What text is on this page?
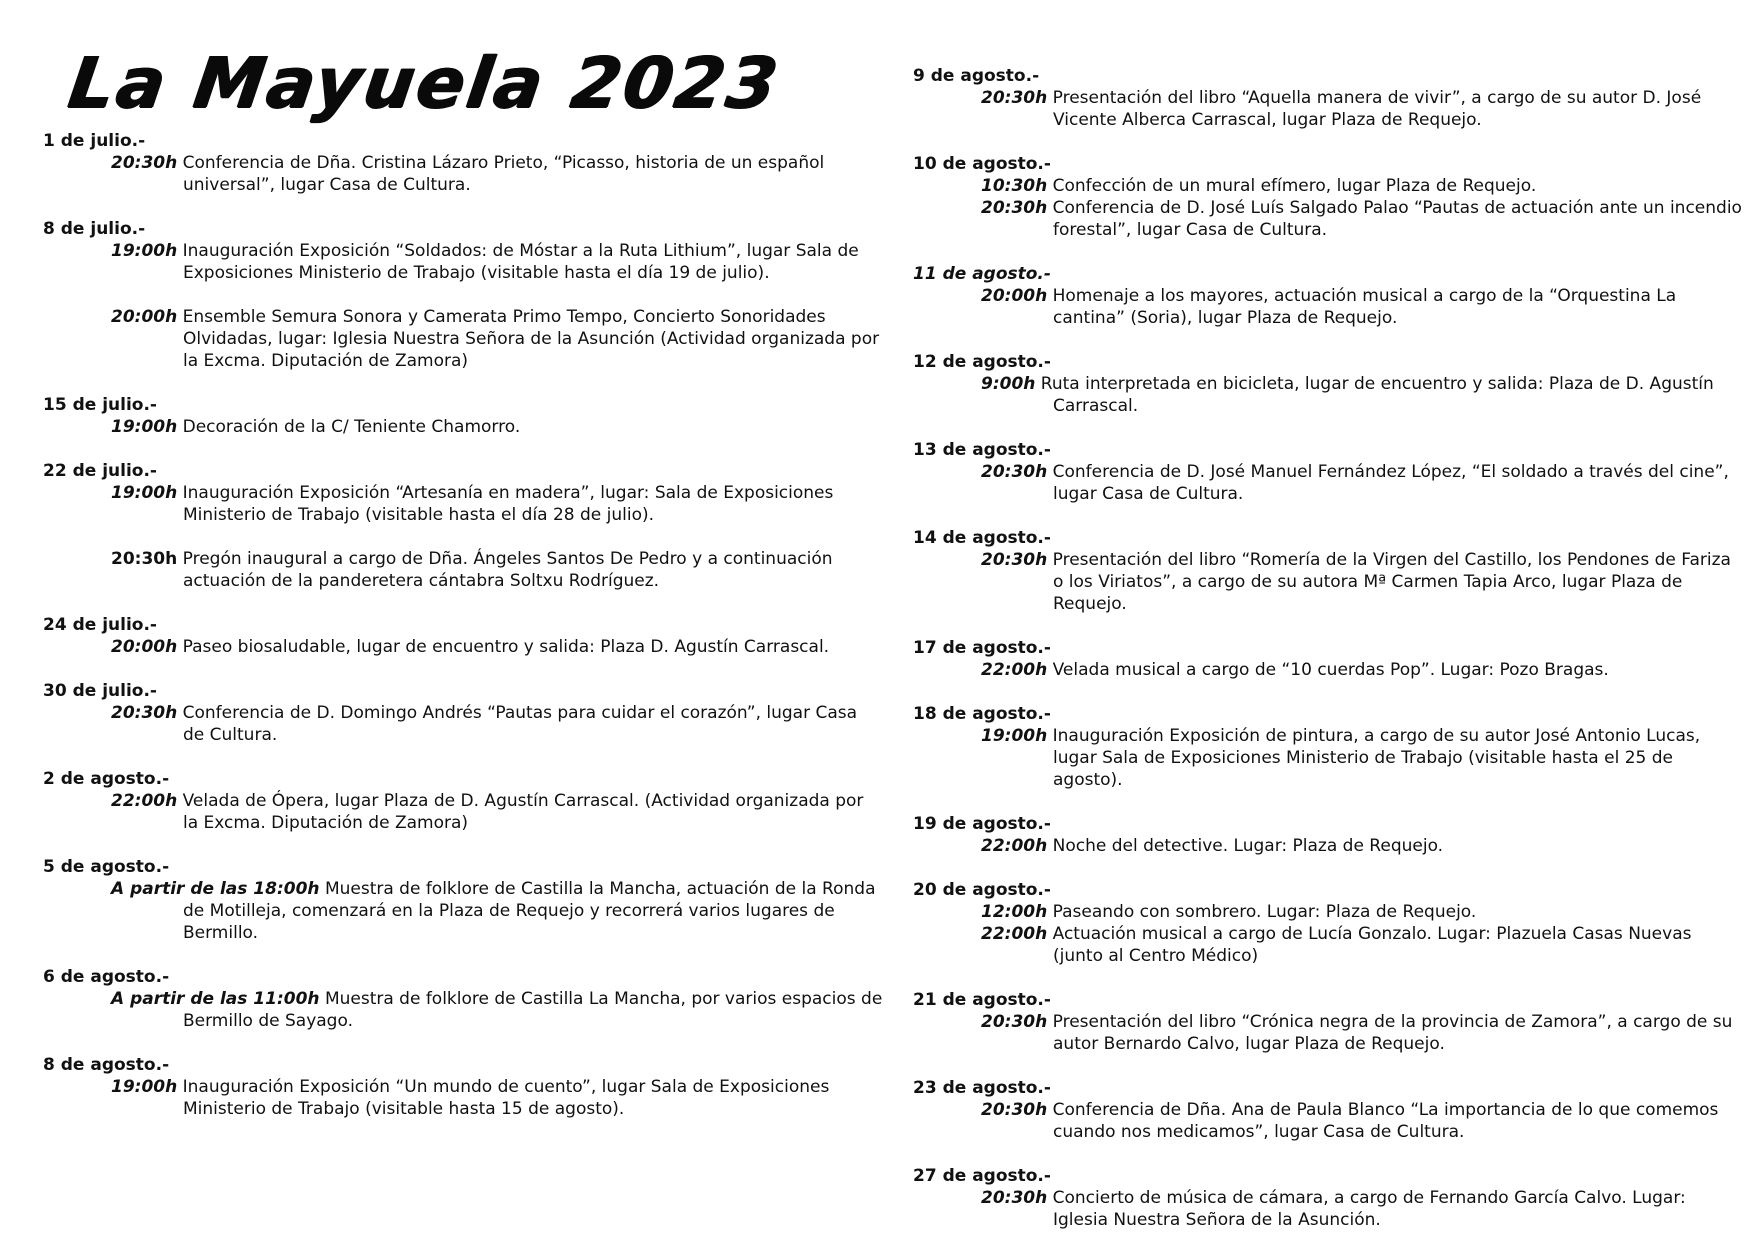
La Mayuela 2023

1 de julio.-

20:30h Conferencia de Dña. Cristina Lázaro Prieto, “Picasso, historia de un español universal”, lugar Casa de Cultura.

8 de julio.-

19:00h Inauguración Exposición “Soldados: de Móstar a la Ruta Lithium”, lugar Sala de Exposiciones Ministerio de Trabajo (visitable hasta el día 19 de julio).

20:00h Ensemble Semura Sonora y Camerata Primo Tempo, Concierto Sonoridades Olvidadas, lugar: Iglesia Nuestra Señora de la Asunción (Actividad organizada por la Excma. Diputación de Zamora)

15 de julio.-

19:00h Decoración de la C/ Teniente Chamorro.

22 de julio.-

19:00h Inauguración Exposición “Artesanía en madera”, lugar: Sala de Exposiciones Ministerio de Trabajo (visitable hasta el día 28 de julio).

20:30h Pregón inaugural a cargo de Dña. Ángeles Santos De Pedro y a continuación actuación de la panderetera cántabra Soltxu Rodríguez.

24 de julio.-

20:00h Paseo biosaludable, lugar de encuentro y salida: Plaza D. Agustín Carrascal.

30 de julio.-

20:30h Conferencia de D. Domingo Andrés “Pautas para cuidar el corazón”, lugar Casa de Cultura.

2 de agosto.-

22:00h Velada de Ópera, lugar Plaza de D. Agustín Carrascal. (Actividad organizada por la Excma. Diputación de Zamora)

5 de agosto.-

A partir de las 18:00h Muestra de folklore de Castilla la Mancha, actuación de la Ronda de Motilleja, comenzará en la Plaza de Requejo y recorrerá varios lugares de Bermillo.

6 de agosto.-

A partir de las 11:00h Muestra de folklore de Castilla La Mancha, por varios espacios de Bermillo de Sayago.

8 de agosto.-

19:00h Inauguración Exposición “Un mundo de cuento”, lugar Sala de Exposiciones Ministerio de Trabajo (visitable hasta 15 de agosto).

9 de agosto.-

20:30h Presentación del libro “Aquella manera de vivir”, a cargo de su autor D. José Vicente Alberca Carrascal, lugar Plaza de Requejo.

10 de agosto.-

10:30h Confección de un mural efímero, lugar Plaza de Requejo.

20:30h Conferencia de D. José Luís Salgado Palao “Pautas de actuación ante un incendio forestal”, lugar Casa de Cultura.

11 de agosto.-

20:00h Homenaje a los mayores, actuación musical a cargo de la “Orquestina La cantina” (Soria), lugar Plaza de Requejo.

12 de agosto.-

9:00h Ruta interpretada en bicicleta, lugar de encuentro y salida: Plaza de D. Agustín Carrascal.

13 de agosto.-

20:30h Conferencia de D. José Manuel Fernández López, “El soldado a través del cine”, lugar Casa de Cultura.

14 de agosto.-

20:30h Presentación del libro “Romería de la Virgen del Castillo, los Pendones de Fariza o los Viriatos”, a cargo de su autora Mª Carmen Tapia Arco, lugar Plaza de Requejo.

17 de agosto.-

22:00h Velada musical a cargo de “10 cuerdas Pop”. Lugar: Pozo Bragas.

18 de agosto.-

19:00h Inauguración Exposición de pintura, a cargo de su autor José Antonio Lucas, lugar Sala de Exposiciones Ministerio de Trabajo (visitable hasta el 25 de agosto).

19 de agosto.-

22:00h Noche del detective. Lugar: Plaza de Requejo.

20 de agosto.-

12:00h Paseando con sombrero. Lugar: Plaza de Requejo.

22:00h Actuación musical a cargo de Lucía Gonzalo. Lugar: Plazuela Casas Nuevas (junto al Centro Médico)

21 de agosto.-

20:30h Presentación del libro “Crónica negra de la provincia de Zamora”, a cargo de su autor Bernardo Calvo, lugar Plaza de Requejo.

23 de agosto.-

20:30h Conferencia de Dña. Ana de Paula Blanco “La importancia de lo que comemos cuando nos medicamos”, lugar Casa de Cultura.

27 de agosto.-

20:30h Concierto de música de cámara, a cargo de Fernando García Calvo. Lugar: Iglesia Nuestra Señora de la Asunción.
